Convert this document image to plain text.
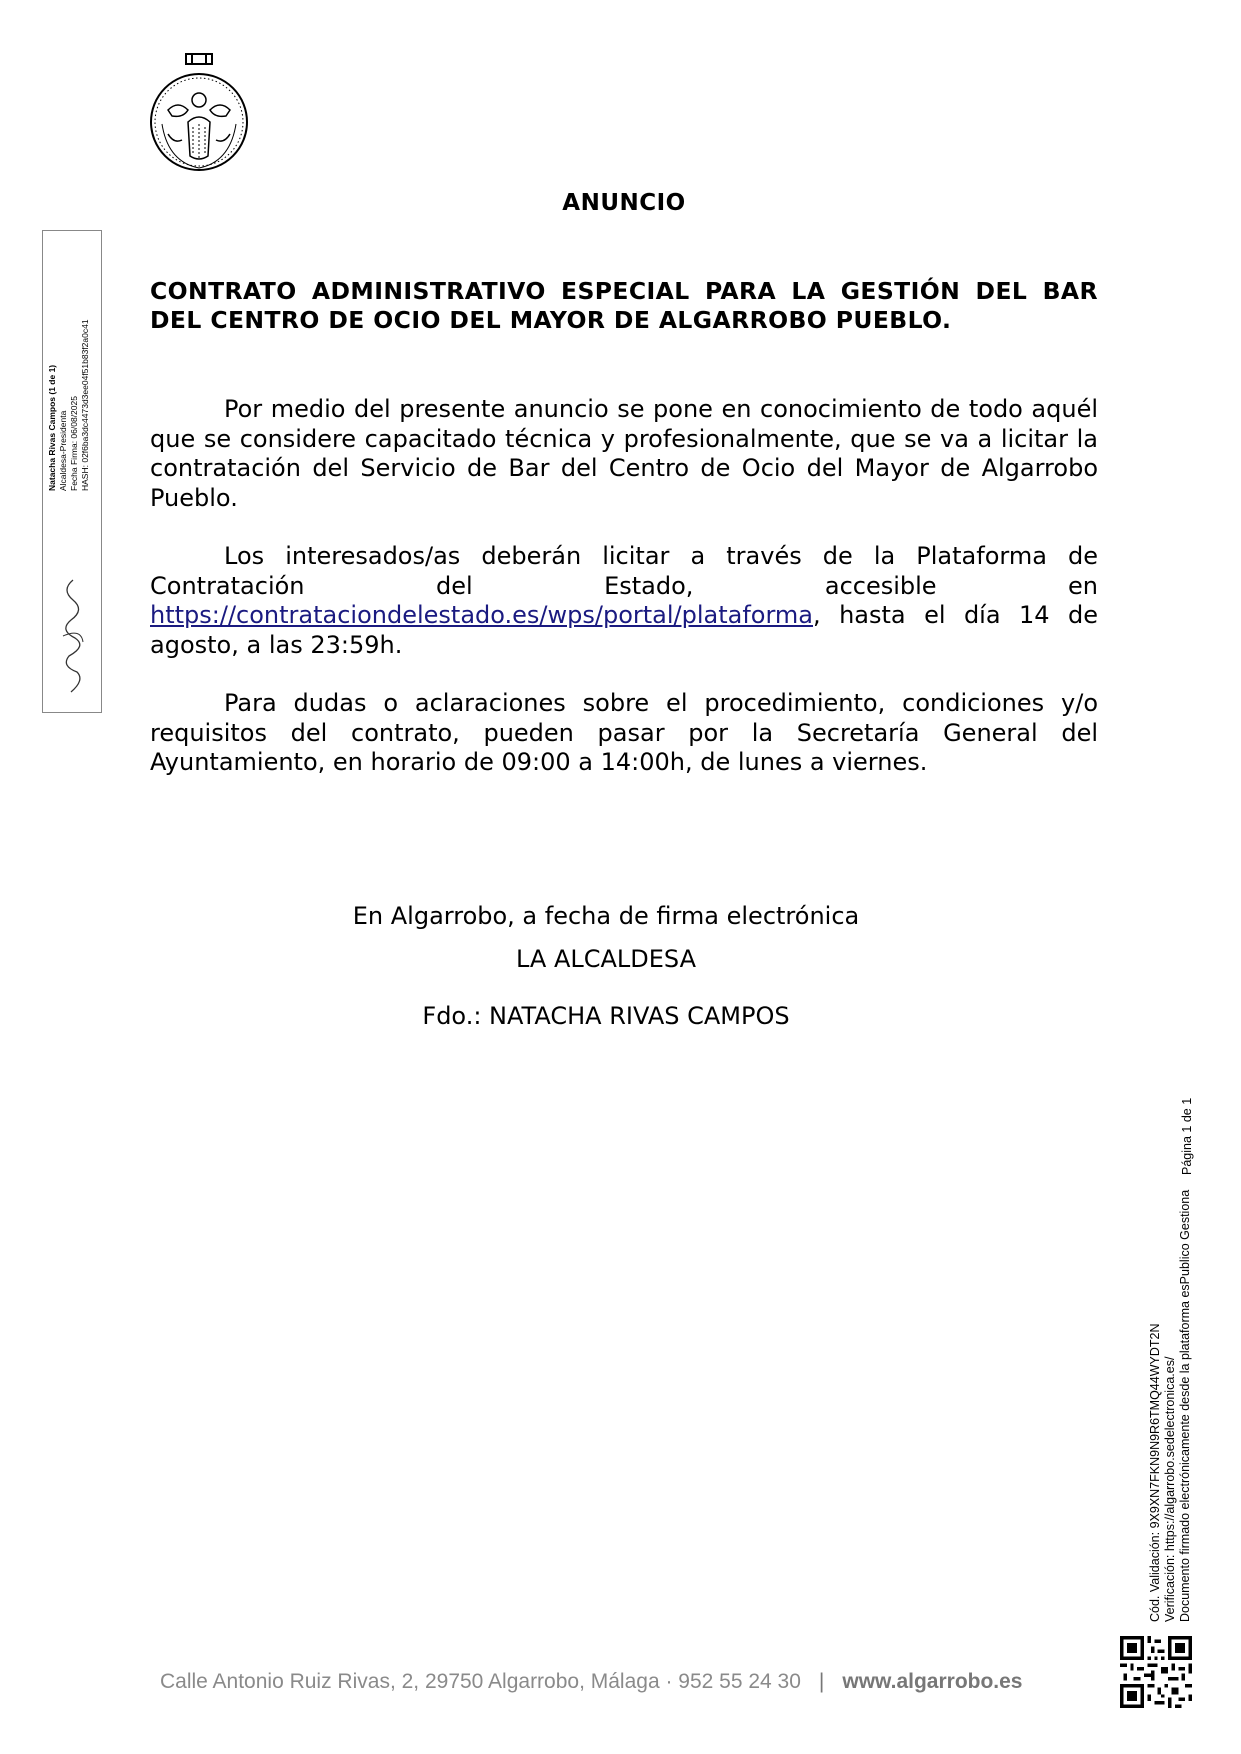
ANUNCIO
CONTRATO ADMINISTRATIVO ESPECIAL PARA LA GESTIÓN DEL BAR DEL CENTRO DE OCIO DEL MAYOR DE ALGARROBO PUEBLO.

Por medio del presente anuncio se pone en conocimiento de todo aquél que se considere capacitado técnica y profesionalmente, que se va a licitar la contratación del Servicio de Bar del Centro de Ocio del Mayor de Algarrobo Pueblo.

Los interesados/as deberán licitar a través de la Plataforma de Contratación del Estado, accesible en https://contrataciondelestado.es/wps/portal/plataforma, hasta el día 14 de agosto, a las 23:59h.

Para dudas o aclaraciones sobre el procedimiento, condiciones y/o requisitos del contrato, pueden pasar por la Secretaría General del Ayuntamiento, en horario de 09:00 a 14:00h, de lunes a viernes.

En Algarrobo, a fecha de firma electrónica
LA ALCALDESA
Fdo.: NATACHA RIVAS CAMPOS
Natacha Rivas Campos (1 de 1) Alcaldesa-Presidenta Fecha Firma: 06/08/2025 HASH: 02f6ba3dc4473d3ee04f51b83f2a0c41
Cód. Validación: 9X9XN7FKN9N9R6TMQ44WYDT2N Verificación: https://algarrobo.sedelectronica.es/ Documento firmado electrónicamente desde la plataforma esPublico Gestiona
Página 1 de 1
Calle Antonio Ruiz Rivas, 2, 29750 Algarrobo, Málaga · 952 55 24 30 | www.algarrobo.es
